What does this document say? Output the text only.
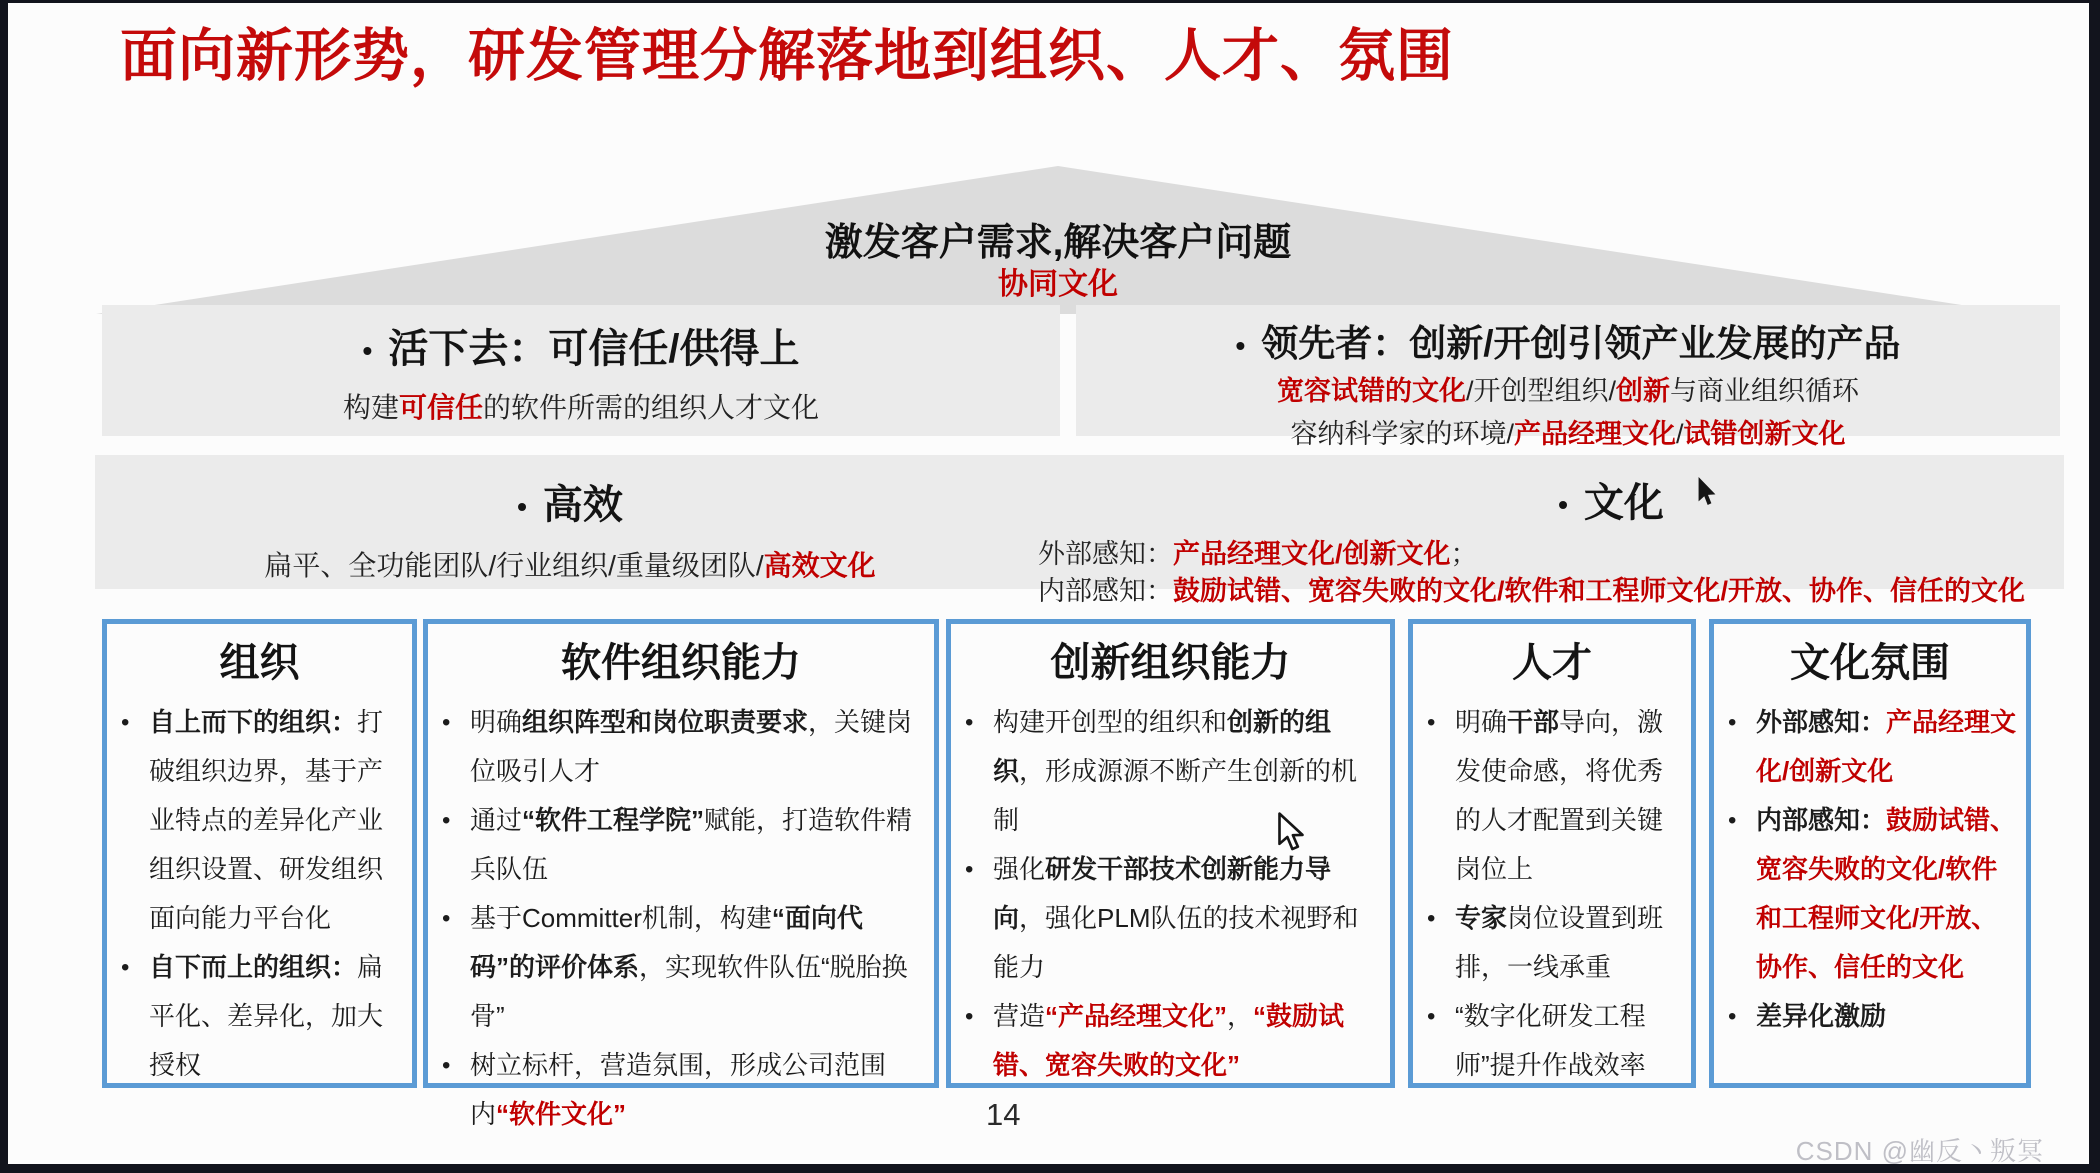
面向新形势，研发管理分解落地到组织、人才、氛围
激发客户需求,解决客户问题
协同文化
• 活下去：可信任/供得上
构建可信任的软件所需的组织人才文化
• 领先者：创新/开创引领产业发展的产品
宽容试错的文化/开创型组织/创新与商业组织循环
容纳科学家的环境/产品经理文化/试错创新文化
• 高效
扁平、全功能团队/行业组织/重量级团队/高效文化
• 文化
外部感知：产品经理文化/创新文化；
内部感知：鼓励试错、宽容失败的文化/软件和工程师文化/开放、协作、信任的文化
组织
• 自上而下的组织：打破组织边界，基于产业特点的差异化产业组织设置、研发组织面向能力平台化
• 自下而上的组织：扁平化、差异化，加大授权
软件组织能力
• 明确组织阵型和岗位职责要求，关键岗位吸引人才
• 通过“软件工程学院”赋能，打造软件精兵队伍
• 基于Committer机制，构建“面向代码”的评价体系，实现软件队伍“脱胎换骨”
• 树立标杆，营造氛围，形成公司范围内“软件文化”
创新组织能力
• 构建开创型的组织和创新的组织，形成源源不断产生创新的机制
• 强化研发干部技术创新能力导向，强化PLM队伍的技术视野和能力
• 营造“产品经理文化”，“鼓励试错、宽容失败的文化”
人才
• 明确干部导向，激发使命感，将优秀的人才配置到关键岗位上
• 专家岗位设置到班排，一线承重
• “数字化研发工程师”提升作战效率
文化氛围
• 外部感知：产品经理文化/创新文化
• 内部感知：鼓励试错、宽容失败的文化/软件和工程师文化/开放、协作、信任的文化
• 差异化激励
14
CSDN @幽反丶叛冥
